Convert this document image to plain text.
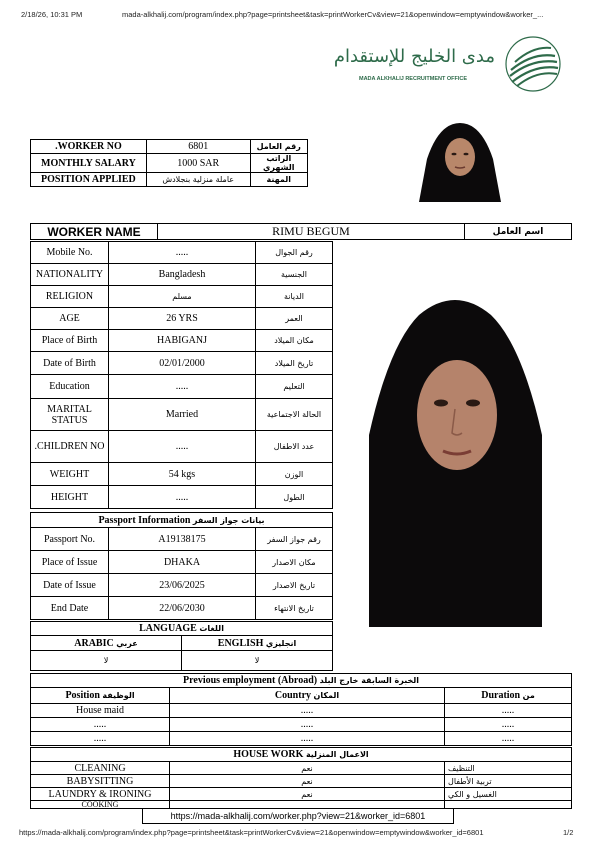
2/18/26, 10:31 PM	mada-alkhalij.com/program/index.php?page=printsheet&task=printWorkerCv&view=21&openwindow=emptywindow&worker_...
مدى الخليج للإستقدام
MADA ALKHALIJ RECRUITMENT OFFICE
.WORKER NO	6801	رقم العامل
MONTHLY SALARY	1000 SAR	الراتب الشهري
POSITION APPLIED	عاملة منزلية بنجلادش	المهنة
WORKER NAME	RIMU BEGUM	اسم العامل
Mobile No.	.....	رقم الجوال
NATIONALITY	Bangladesh	الجنسية
RELIGION	مسلم	الديانة
AGE	26 YRS	العمر
Place of Birth	HABIGANJ	مكان الميلاد
Date of Birth	02/01/2000	تاريخ الميلاد
Education	.....	التعليم
MARITAL STATUS	Married	الحالة الاجتماعية
.CHILDREN NO	.....	عدد الاطفال
WEIGHT	54 kgs	الوزن
HEIGHT	.....	الطول
Passport Information بيانات جواز السفر		
Passport No.	A19138175	رقم جواز السفر
Place of Issue	DHAKA	مكان الاصدار
Date of Issue	23/06/2025	تاريخ الاصدار
End Date	22/06/2030	تاريخ الانتهاء
LANGUAGE اللغات	
ARABIC عربي	ENGLISH انجليزي
لا	لا
Previous employment (Abroad) الخبرة السابقة خارج البلد		
Position الوظيفة	Country المكان	Duration من
House maid	.....	.....
.....	.....	.....
.....	.....	.....
HOUSE WORK الاعمال المنزلية		
CLEANING	نعم	التنظيف
BABYSITTING	نعم	تربية الأطفال
LAUNDRY & IRONING	نعم	الغسيل و الكي
COOKING		
https://mada-alkhalij.com/worker.php?view=21&worker_id=6801
https://mada-alkhalij.com/program/index.php?page=printsheet&task=printWorkerCv&view=21&openwindow=emptywindow&worker_id=6801	1/2
